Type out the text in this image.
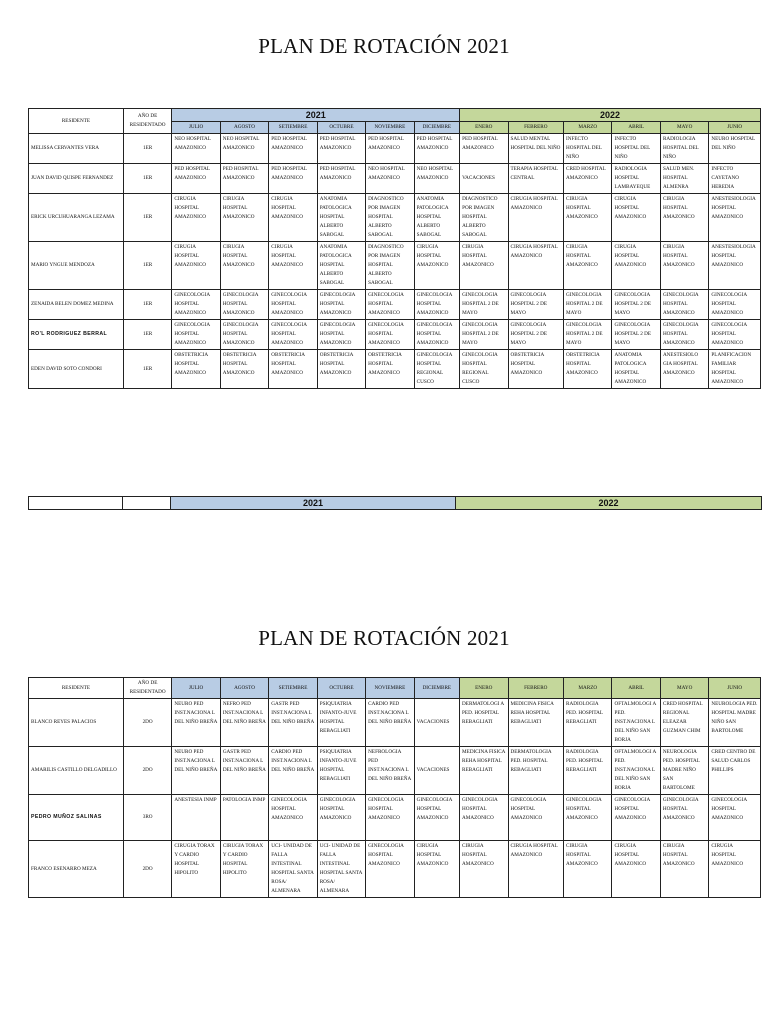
PLAN DE ROTACIÓN 2021
RESIDENTE	AÑO DE RESIDENTADO	2021						2022					
		JULIO	AGOSTO	SETIEMBRE	OCTUBRE	NOVIEMBRE	DICIEMBRE	ENERO	FEBRERO	MARZO	ABRIL	MAYO	JUNIO
MELISSA CERVANTES VERA	1ER	NEO HOSPITAL AMAZONICO	NEO HOSPITAL AMAZONICO	PED HOSPITAL AMAZONICO	PED HOSPITAL AMAZONICO	PED HOSPITAL AMAZONICO	PED HOSPITAL AMAZONICO	PED HOSPITAL AMAZONICO	SALUD MENTAL HOSPITAL DEL NIÑO	INFECTO HOSPITAL DEL NIÑO	INFECTO HOSPITAL DEL NIÑO	RADIOLOGIA HOSPITAL DEL NIÑO	NEURO HOSPITAL DEL NIÑO
JUAN DAVID QUISPE FERNANDEZ	1ER	PED HOSPITAL AMAZONICO	PED HOSPITAL AMAZONICO	PED HOSPITAL AMAZONICO	PED HOSPITAL AMAZONICO	NEO HOSPITAL AMAZONICO	NEO HOSPITAL AMAZONICO	VACACIONES	TERAPIA HOSPITAL CENTRAL	CRED HOSPITAL AMAZONICO	RADIOLOGIA HOSPITAL LAMBAYEQUE	SALUD MEN. HOSPITAL ALMENRA	INFECTO CAYETANO HEREDIA
ERICK URCUHUARANGA LEZAMA	1ER	CIRUGIA HOSPITAL AMAZONICO	CIRUGIA HOSPITAL AMAZONICO	CIRUGIA HOSPITAL AMAZONICO	ANATOMIA PATOLOGICA HOSPITAL ALBERTO SABOGAL	DIAGNOSTICO POR IMAGEN HOSPITAL ALBERTO SABOGAL	ANATOMIA PATOLOGICA HOSPITAL ALBERTO SABOGAL	DIAGNOSTICO POR IMAGEN HOSPITAL ALBERTO SABOGAL	CIRUGIA HOSPITAL AMAZONICO	CIRUGIA HOSPITAL AMAZONICO	CIRUGIA HOSPITAL AMAZONICO	CIRUGIA HOSPITAL AMAZONICO	ANESTESIOLOGIA HOSPITAL AMAZONICO
MARIO YNGUE MENDOZA	1ER	CIRUGIA HOSPITAL AMAZONICO	CIRUGIA HOSPITAL AMAZONICO	CIRUGIA HOSPITAL AMAZONICO	ANATOMIA PATOLOGICA HOSPITAL ALBERTO SABOGAL	DIAGNOSTICO POR IMAGEN HOSPITAL ALBERTO SABOGAL	CIRUGIA HOSPITAL AMAZONICO	CIRUGIA HOSPITAL AMAZONICO	CIRUGIA HOSPITAL AMAZONICO	CIRUGIA HOSPITAL AMAZONICO	CIRUGIA HOSPITAL AMAZONICO	CIRUGIA HOSPITAL AMAZONICO	ANESTESIOLOGIA HOSPITAL AMAZONICO
ZENAIDA BELEN DOMEZ MEDINA	1ER	GINECOLOGIA HOSPITAL AMAZONICO	GINECOLOGIA HOSPITAL AMAZONICO	GINECOLOGIA HOSPITAL AMAZONICO	GINECOLOGIA HOSPITAL AMAZONICO	GINECOLOGIA HOSPITAL AMAZONICO	GINECOLOGIA HOSPITAL AMAZONICO	GINECOLOGIA HOSPITAL 2 DE MAYO	GINECOLOGIA HOSPITAL 2 DE MAYO	GINECOLOGIA HOSPITAL 2 DE MAYO	GINECOLOGIA HOSPITAL 2 DE MAYO	GINECOLOGIA HOSPITAL AMAZONICO	GINECOLOGIA HOSPITAL AMAZONICO
RO'L RODRIGUEZ BERRAL	1ER	GINECOLOGIA HOSPITAL AMAZONICO	GINECOLOGIA HOSPITAL AMAZONICO	GINECOLOGIA HOSPITAL AMAZONICO	GINECOLOGIA HOSPITAL AMAZONICO	GINECOLOGIA HOSPITAL AMAZONICO	GINECOLOGIA HOSPITAL AMAZONICO	GINECOLOGIA HOSPITAL 2 DE MAYO	GINECOLOGIA HOSPITAL 2 DE MAYO	GINECOLOGIA HOSPITAL 2 DE MAYO	GINECOLOGIA HOSPITAL 2 DE MAYO	GINECOLOGIA HOSPITAL AMAZONICO	GINECOLOGIA HOSPITAL AMAZONICO
EDEN DAVID SOTO CONDORI	1ER	OBSTETRICIA HOSPITAL AMAZONICO	OBSTETRICIA HOSPITAL AMAZONICO	OBSTETRICIA HOSPITAL AMAZONICO	OBSTETRICIA HOSPITAL AMAZONICO	OBSTETRICIA HOSPITAL AMAZONICO	GINECOLOGIA HOSPITAL REGIONAL CUSCO	GINECOLOGIA HOSPITAL REGIONAL CUSCO	OBSTETRICIA HOSPITAL AMAZONICO	OBSTETRICIA HOSPITAL AMAZONICO	ANATOMIA PATOLOGICA HOSPITAL AMAZONICO	ANESTESIOLO GIA HOSPITAL AMAZONICO	PLANIFICACION FAMILIAR HOSPITAL AMAZONICO
		2021	2022
PLAN DE ROTACIÓN 2021
RESIDENTE	AÑO DE RESIDENTADO	JULIO	AGOSTO	SETIEMBRE	OCTUBRE	NOVIEMBRE	DICIEMBRE	ENERO	FEBRERO	MARZO	ABRIL	MAYO	JUNIO
BLANCO REYES PALACIOS	2DO	NEURO PED INST.NACIONA L DEL NIÑO BREÑA	NEFRO PED INST.NACIONA L DEL NIÑO BREÑA	GASTR PED INST.NACIONA L DEL NIÑO BREÑA	PSIQUIATRIA INFANTO-JUVE HOSPITAL REBAGLIATI	CARDIO PED INST.NACIONA L DEL NIÑO BREÑA	VACACIONES	DERMATOLOGI A PED. HOSPITAL REBAGLIATI	MEDICINA FISICA REHA HOSPITAL REBAGLIATI	RADIOLOGIA PED. HOSPITAL REBAGLIATI	OFTALMOLOGI A PED. INST.NACIONA L DEL NIÑO SAN BORJA	CRED HOSPITAL REGIONAL ELEAZAR GUZMAN CHIM	NEUROLOGIA PED. HOSPITAL MADRE NIÑO SAN BARTOLOME
AMARILIS CASTILLO DELGADILLO	2DO	NEURO PED INST.NACIONA L DEL NIÑO BREÑA	GASTR PED INST.NACIONA L DEL NIÑO BREÑA	CARDIO PED INST.NACIONA L DEL NIÑO BREÑA	PSIQUIATRIA INFANTO-JUVE HOSPITAL REBAGLIATI	NEFROLOGIA PED INST.NACIONA L DEL NIÑO BREÑA	VACACIONES	MEDICINA FISICA REHA HOSPITAL REBAGLIATI	DERMATOLOGIA PED. HOSPITAL REBAGLIATI	RADIOLOGIA PED. HOSPITAL REBAGLIATI	OFTALMOLOGI A PED. INST.NACIONA L DEL NIÑO SAN BORJA	NEUROLOGIA PED. HOSPITAL MADRE NIÑO SAN BARTOLOME	CRED CENTRO DE SALUD CARLOS PHILLIPS
PEDRO MUÑOZ SALINAS	3RO	ANESTESIA INMP	PATOLOGIA INMP	GINECOLOGIA HOSPITAL AMAZONICO	GINECOLOGIA HOSPITAL AMAZONICO	GINECOLOGIA HOSPITAL AMAZONICO	GINECOLOGIA HOSPITAL AMAZONICO	GINECOLOGIA HOSPITAL AMAZONICO	GINECOLOGIA HOSPITAL AMAZONICO	GINECOLOGIA HOSPITAL AMAZONICO	GINECOLOGIA HOSPITAL AMAZONICO	GINECOLOGIA HOSPITAL AMAZONICO	GINECOLOGIA HOSPITAL AMAZONICO
FRANCO ESENARRO MEZA	2DO	CIRUGIA TORAX Y CARDIO HOSPITAL HIPOLITO	CIRUGIA TORAX Y CARDIO HOSPITAL HIPOLITO	UCI- UNIDAD DE FALLA INTESTINAL HOSPITAL SANTA ROSA/ ALMENARA	UCI- UNIDAD DE FALLA INTESTINAL HOSPITAL SANTA ROSA/ ALMENARA	GINECOLOGIA HOSPITAL AMAZONICO	CIRUGIA HOSPITAL AMAZONICO	CIRUGIA HOSPITAL AMAZONICO	CIRUGIA HOSPITAL AMAZONICO	CIRUGIA HOSPITAL AMAZONICO	CIRUGIA HOSPITAL AMAZONICO	CIRUGIA HOSPITAL AMAZONICO	CIRUGIA HOSPITAL AMAZONICO
